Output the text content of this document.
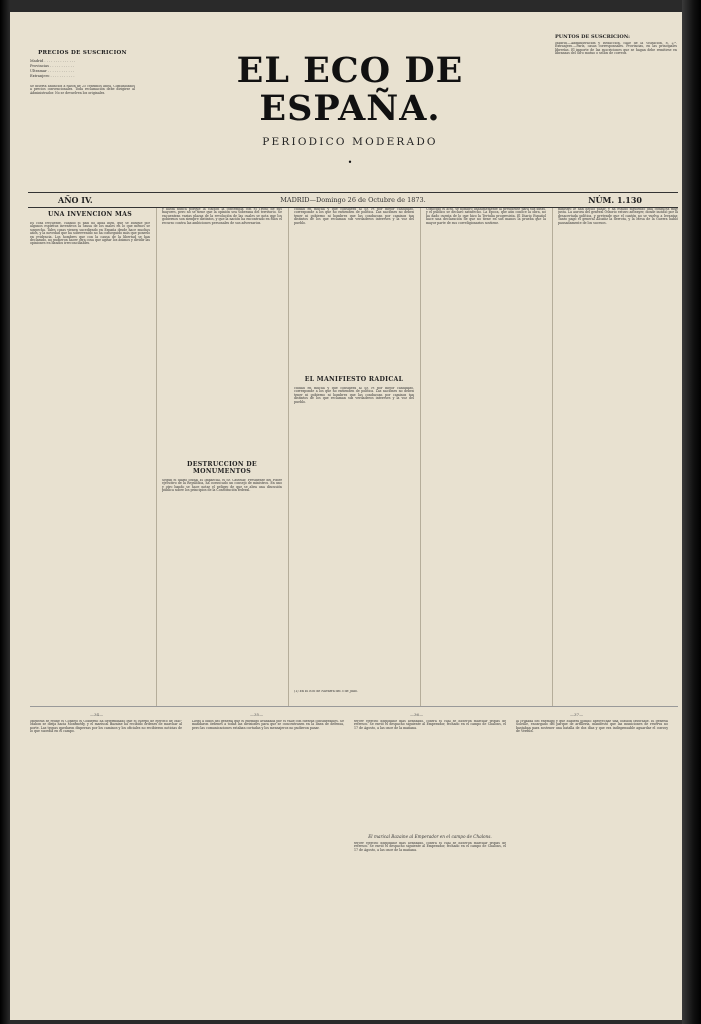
PRECIOS DE SUSCRICION
Madrid . . . . . . . . . . . . . .
Provincias . . . . . . . . . . .
Ultramar . . . . . . . . . . . .
Extranjero . . . . . . . . . . .
Se inserta anuncios a razón de 25 céntimos línea. Comunicados a precios convencionales. Toda reclamación debe dirigirse al Administrador. No se devuelven los originales.
EL ECO DE ESPAÑA.
PERIODICO MODERADO
•
PUNTOS DE SUSCRICION:
Madrid.—Administración y Redacción, calle de la Visitación, 8, 2.º. Extranjero.—París, casas corresponsales. Provincias, en las principales librerías. El importe de las suscriciones que se hagan debe remitirse en libranzas del Giro mutuo o sellos de correos.
AÑO IV.	MADRID—Domingo 26 de Octubre de 1873.	NÚM. 1.130
UNA INVENCION MAS
Es cosa frecuente, cuando el país no anda bien, que se busque por algunos espíritus inventivos la causa de los males en lo que menos se sospecha. Tales cosas vienen sucediendo en España desde hace muchos años, y la novedad que ha sobrevenido no ha conseguido más que ponerlo en evidencia. Los hombres que con la causa de la libertad se han declarado, no pudieron hacer otra cosa que agitar los ánimos y dividir las opiniones en bandos irreconciliables.
y hasta nunca porque la Nación la contempla con el Trono de sus mayores, pero no se tiene que la opinión sea soberana del territorio. Se encuentran varias plazas de la revolución de las cuales se nota que los gobiernos son siempre distintos, y que la nación ha encontrado en ellos el recurso contra las ambiciones personales de sus adversarios.
DESTRUCCION DE MONUMENTOS
Según el diario oficial El Imparcial, el Sr. Castelar, Presidente del Poder ejecutivo de la República, ha convocado un consejo de ministros. En uno y otro bando se hace notar el peligro de que se abra una discusión pública sobre los principios de la Constitución federal.
ciudad en mucha y que considera al Sr. Pi por mejor candidato, corresponde a los que no entienden de política. Las naciones no deben tener ni gobierno ni hombres que las conduzcan por caminos tan distintos de los que reclaman sus verdaderos intereses y la voz del pueblo.
EL MANIFIESTO RADICAL
ciudad en mucha y que considera al Sr. Pi por mejor candidato, corresponde a los que no entienden de política. Las naciones no deben tener ni gobierno ni hombres que las conduzcan por caminos tan distintos de los que reclaman sus verdaderos intereses y la voz del pueblo.
(1) En El Eco de Navarra del 5 de Julio.
Conocido el acto, se nombró unánimemente al presidente para sus ideas, y el público se declaró satisfecho. La Época, que aún conoce la obra, no ha dado cuenta de lo que hizo la Tertulia progresista. El Diario Español hace una declaración de que no tiene en sus manos la prueba que la mayor parte de sus correligionarios sostiene.
ministro le han hecho pasar, y ha estado siguiendo una conducta muy justa. La aurora del general Ossorio estuvo anteayer, donde incidió por la desacertada política, y pretende que el cantón no se vuelva a levantar. Tanto pagó el general Alcañiz la derrota, y la Mesa de la Guerra habló pausadamente de los sucesos.
—34—	—35—	—36—	—37—
Mientras se reúne el Consejo el Gobierno ha determinado que el cuerpo de ejército de Mac-Mahon se dirija hacia Montmédy, y el mariscal Bazaine ha recibido órdenes de marchar al norte. Las tropas quedaron dispersas por los caminos y los oficiales no recibieron noticias de lo que sucedía en el campo.
Llegó a oídos del general que el enemigo avanzaba por el valle con fuerzas considerables. Se mandaron órdenes a todas las divisiones para que se concentrasen en la línea de defensa, pero las comunicaciones estaban cortadas y los mensajeros no pudieron pasar.
tercer ejército disponible más avanzado, contra el cual se hicieron marchar tropas de refresco. Se envió el despacho siguiente al Emperador, fechado en el campo de Chalons, el 17 de Agosto, a las once de la mañana.
El marical Bazaine al Emperador en el campo de Chalons.
tercer ejército disponible más avanzado, contra el cual se hicieron marchar tropas de refresco. Se envió el despacho siguiente al Emperador, fechado en el campo de Chalons, el 17 de Agosto, a las once de la mañana.
la cruzada del enemigo y que hubiera podido aprovechar una ocasión favorable. El general Soleille, encargado del parque de artillería, manifestó que las municiones de reserva no bastaban para sostener una batalla de dos días y que era indispensable aguardar el convoy de Verdún.
